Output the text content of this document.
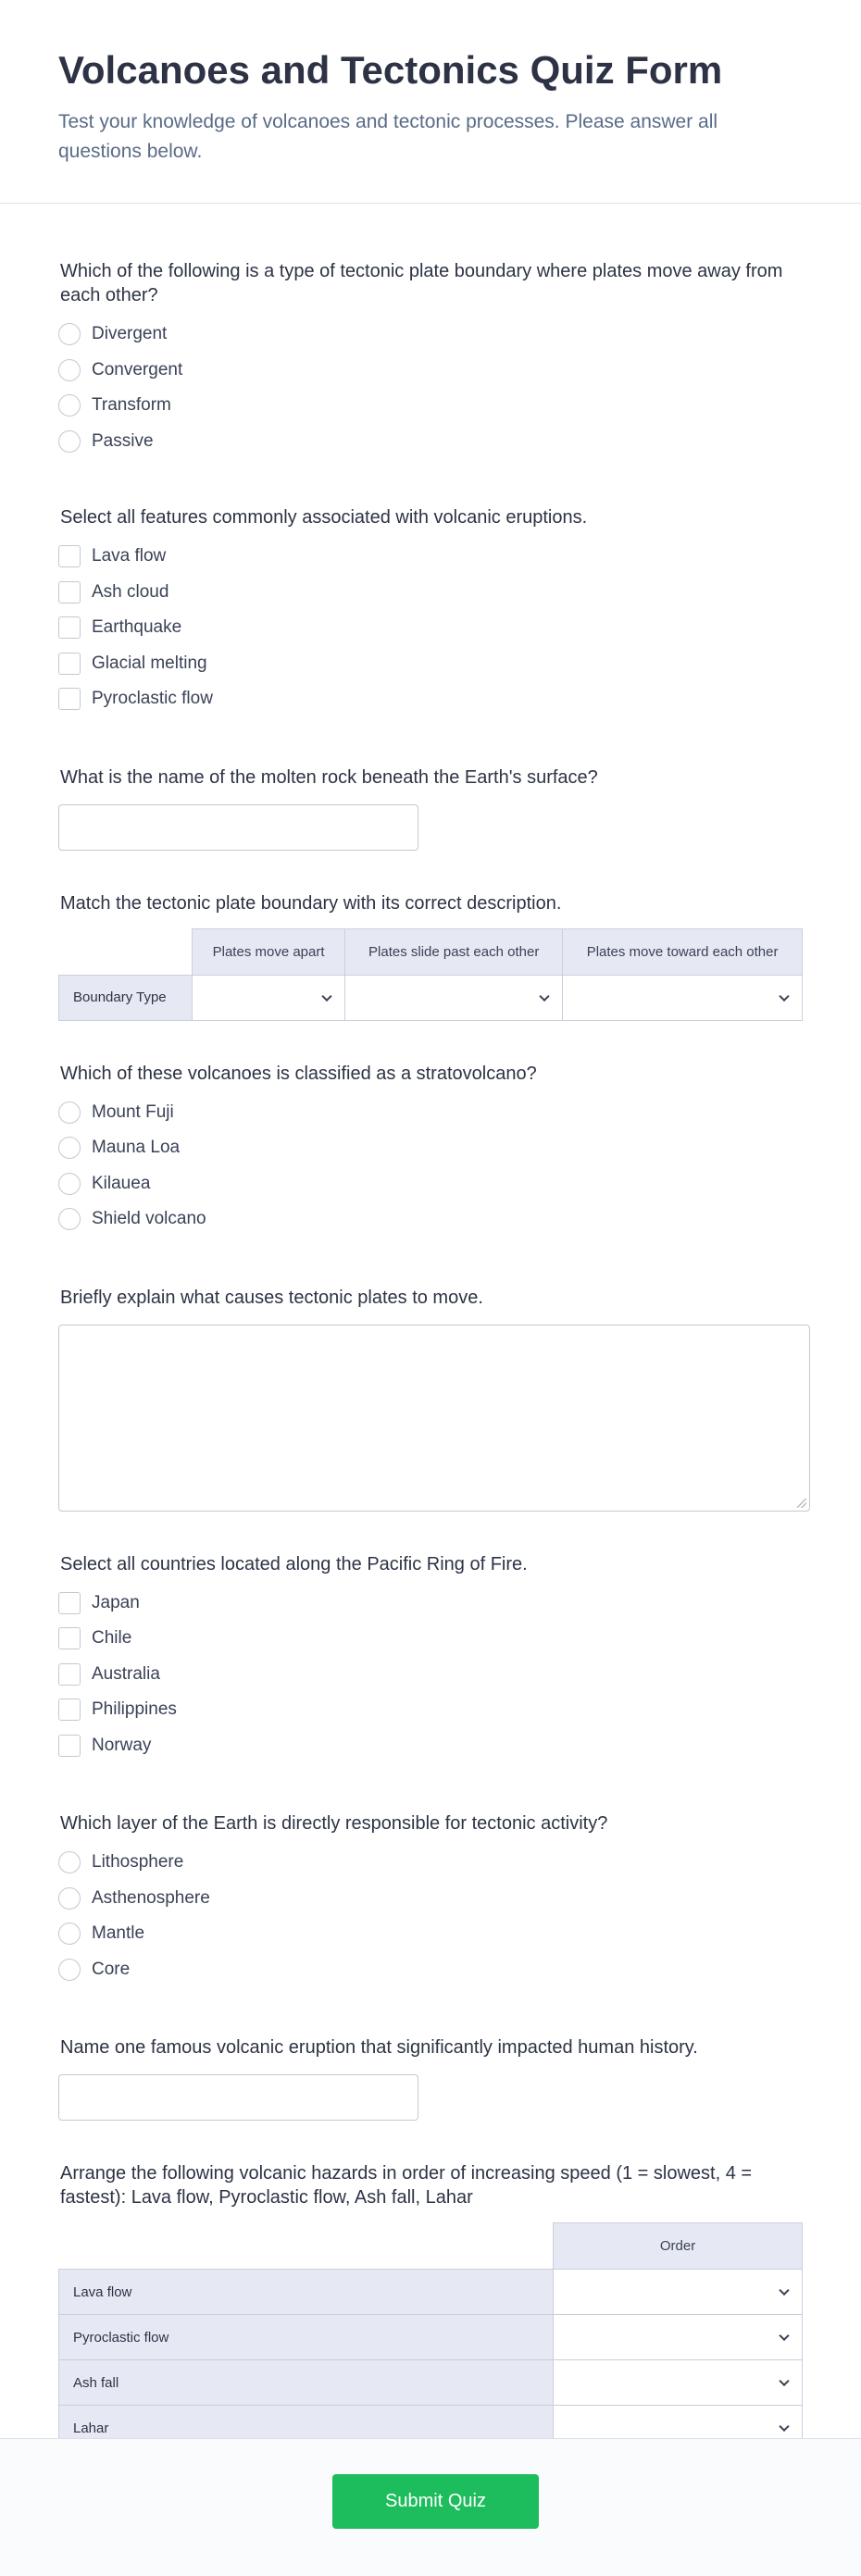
Volcanoes and Tectonics Quiz Form

Test your knowledge of volcanoes and tectonic processes. Please answer all questions below.

Which of the following is a type of tectonic plate boundary where plates move away from each other?
Divergent
Convergent
Transform
Passive
Select all features commonly associated with volcanic eruptions.
Lava flow
Ash cloud
Earthquake
Glacial melting
Pyroclastic flow
What is the name of the molten rock beneath the Earth's surface?
Match the tectonic plate boundary with its correct description.
	Plates move apart	Plates slide past each other	Plates move toward each other
Boundary Type	

Which of these volcanoes is classified as a stratovolcano?
Mount Fuji
Mauna Loa
Kilauea
Shield volcano
Briefly explain what causes tectonic plates to move.
Select all countries located along the Pacific Ring of Fire.
Japan
Chile
Australia
Philippines
Norway
Which layer of the Earth is directly responsible for tectonic activity?
Lithosphere
Asthenosphere
Mantle
Core
Name one famous volcanic eruption that significantly impacted human history.
Arrange the following volcanic hazards in order of increasing speed (1 = slowest, 4 = fastest): Lava flow, Pyroclastic flow, Ash fall, Lahar
	Order
Lava flow	

Pyroclastic flow	

Ash fall	

Lahar	
Submit Quiz
